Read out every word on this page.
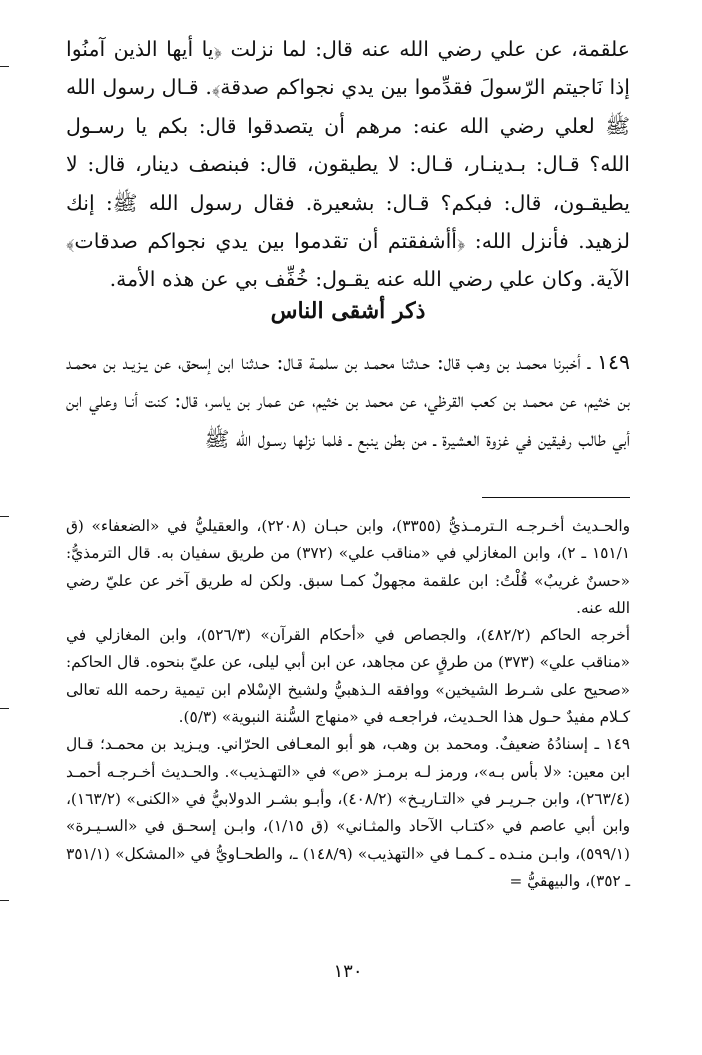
علقمة، عن علي رضي الله عنه قال: لما نزلت ﴿يا أيها الذين آمنُوا إذا نَاجيتم الرّسولَ فقدِّموا بين يدي نجواكم صدقة﴾. قـال رسول الله ﷺ لعلي رضي الله عنه: مرهم أن يتصدقوا قال: بكم يا رسـول الله؟ قـال: بـدينـار، قـال: لا يطيقون، قال: فبنصف دينار، قال: لا يطيقـون، قال: فبكم؟ قـال: بشعيرة. فقال رسول الله ﷺ: إنك لزهيد. فأنزل الله: ﴿أأشفقتم أن تقدموا بين يدي نجواكم صدقات﴾ الآية. وكان علي رضي الله عنه يقـول: خُفِّف بي عن هذه الأمة.

ذكر أشقى الناس

١٤٩ ـ أخبرنا محمـد بن وهب قال: حـدثنا محمـد بن سلمـة قـال: حـدثنا ابن إسحق، عن يـزيـد بن محمـد بن خثيم، عن محمـد بن كعب القرظي، عن محمد بن خثيم، عن عمار بن ياسر، قال: كنت أنـا وعلي ابن أبي طالب رفيقين في غزوة العشيرة ـ من بطن ينبع ـ فلما نزلها رسـول الله ﷺ

والحـديث أخـرجـه الـترمـذيُّ (٣٣٥٥)، وابن حبـان (٢٢٠٨)، والعقيليُّ في «الضعفاء» (ق ١٥١/١ ـ ٢)، وابن المغازلي في «مناقب علي» (٣٧٢) من طريق سفيان به. قال الترمذيُّ: «حسنٌ غريبٌ» قُلْتُ: ابن علقمة مجهولٌ كمـا سبق. ولكن له طريق آخر عن عليّ رضي الله عنه.

أخرجه الحاكم (٤٨٢/٢)، والجصاص في «أحكام القرآن» (٥٢٦/٣)، وابن المغازلي في «مناقب علي» (٣٧٣) من طرقٍ عن مجاهد، عن ابن أبي ليلى، عن عليّ بنحوه. قال الحاكم: «صحيح على شـرط الشيخين» ووافقه الـذهبيُّ ولشيخ الإسْلام ابن تيمية رحمه الله تعالى كـلام مفيدٌ حـول هذا الحـديث، فراجعـه في «منهاج السُّنة النبوية» (٥/٣).

١٤٩ ـ إسنادُهُ ضعيفٌ. ومحمد بن وهب، هو أبو المعـافى الحرّاني. ويـزيد بن محمـد؛ قـال ابن معين: «لا بأس بـه»، ورمز لـه برمـز «ص» في «التهـذيب». والحـديث أخـرجـه أحمـد (٢٦٣/٤)، وابن جـريـر في «التـاريـخ» (٤٠٨/٢)، وأبـو بشـر الدولابيُّ في «الكنى» (١٦٣/٢)، وابن أبي عاصم في «كتـاب الآحاد والمثـاني» (ق ١/١٥)، وابـن إسحـق في «السـيـرة» (٥٩٩/١)، وابـن منـده ـ كـمـا في «التهذيب» (١٤٨/٩) ـ، والطحـاويُّ في «المشكل» (٣٥١/١ ـ ٣٥٢)، والبيهقيُّ =

١٣٠
